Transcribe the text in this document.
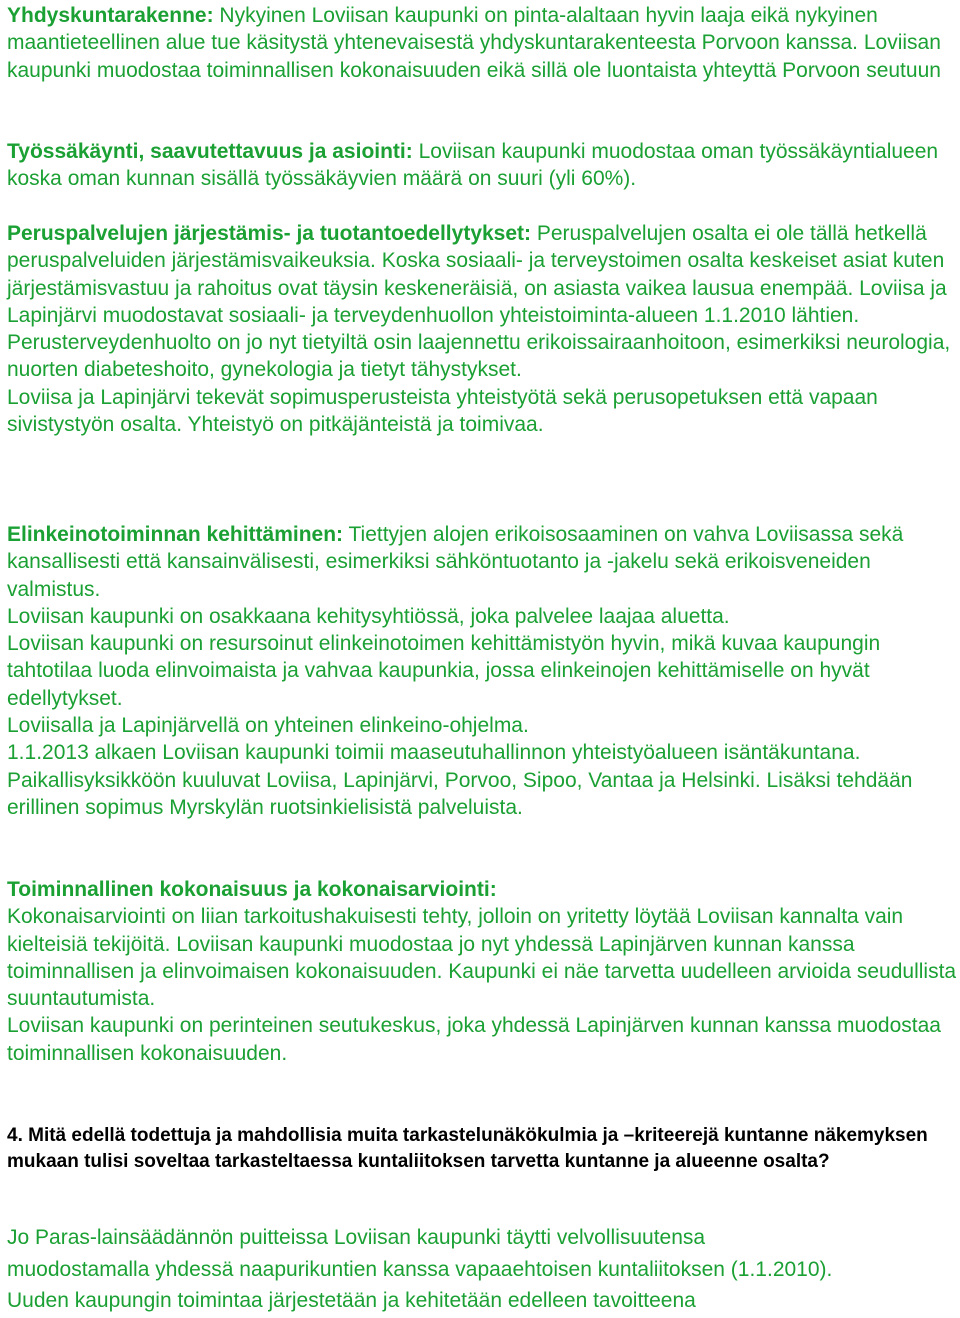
Yhdyskuntarakenne: Nykyinen Loviisan kaupunki on pinta-alaltaan hyvin laaja eikä nykyinen maantieteellinen alue tue käsitystä yhtenevaisestä yhdyskuntarakenteesta Porvoon kanssa. Loviisan kaupunki muodostaa toiminnallisen kokonaisuuden eikä sillä ole luontaista yhteyttä Porvoon seutuun

Työssäkäynti, saavutettavuus ja asiointi: Loviisan kaupunki muodostaa oman työssäkäyntialueen koska oman kunnan sisällä työssäkäyvien määrä on suuri (yli 60%).

Peruspalvelujen järjestämis- ja tuotantoedellytykset: Peruspalvelujen osalta ei ole tällä hetkellä peruspalveluiden järjestämisvaikeuksia. Koska sosiaali- ja terveystoimen osalta keskeiset asiat kuten järjestämisvastuu ja rahoitus ovat täysin keskeneräisiä, on asiasta vaikea lausua enempää. Loviisa ja Lapinjärvi muodostavat sosiaali- ja terveydenhuollon yhteistoiminta-alueen 1.1.2010 lähtien. Perusterveydenhuolto on jo nyt tietyiltä osin laajennettu erikoissairaanhoitoon, esimerkiksi neurologia, nuorten diabeteshoito, gynekologia ja tietyt tähystykset.
Loviisa ja Lapinjärvi tekevät sopimusperusteista yhteistyötä sekä perusopetuksen että vapaan sivistystyön osalta. Yhteistyö on pitkäjänteistä ja toimivaa.
Elinkeinotoiminnan kehittäminen: Tiettyjen alojen erikoisosaaminen on vahva Loviisassa sekä kansallisesti että kansainvälisesti, esimerkiksi sähköntuotanto ja -jakelu sekä erikoisveneiden valmistus.
Loviisan kaupunki on osakkaana kehitysyhtiössä, joka palvelee laajaa aluetta.
Loviisan kaupunki on resursoinut elinkeinotoimen kehittämistyön hyvin, mikä kuvaa kaupungin tahtotilaa luoda elinvoimaista ja vahvaa kaupunkia, jossa elinkeinojen kehittämiselle on hyvät edellytykset.
Loviisalla ja Lapinjärvellä on yhteinen elinkeino-ohjelma.
1.1.2013 alkaen Loviisan kaupunki toimii maaseutuhallinnon yhteistyöalueen isäntäkuntana. Paikallisyksikköön kuuluvat Loviisa, Lapinjärvi, Porvoo, Sipoo, Vantaa ja Helsinki. Lisäksi tehdään erillinen sopimus Myrskylän ruotsinkielisistä palveluista.
Toiminnallinen kokonaisuus ja kokonaisarviointi:
Kokonaisarviointi on liian tarkoitushakuisesti tehty, jolloin on yritetty löytää Loviisan kannalta vain kielteisiä tekijöitä. Loviisan kaupunki muodostaa jo nyt yhdessä Lapinjärven kunnan kanssa toiminnallisen ja elinvoimaisen kokonaisuuden. Kaupunki ei näe tarvetta uudelleen arvioida seudullista suuntautumista.
Loviisan kaupunki on perinteinen seutukeskus, joka yhdessä Lapinjärven kunnan kanssa muodostaa toiminnallisen kokonaisuuden.
4. Mitä edellä todettuja ja mahdollisia muita tarkastelunäkökulmia ja –kriteerejä kuntanne näkemyksen mukaan tulisi soveltaa tarkasteltaessa kuntaliitoksen tarvetta kuntanne ja alueenne osalta?
Jo Paras-lainsäädännön puitteissa Loviisan kaupunki täytti velvollisuutensa
muodostamalla yhdessä naapurikuntien kanssa vapaaehtoisen kuntaliitoksen (1.1.2010).
Uuden kaupungin toimintaa järjestetään ja kehitetään edelleen tavoitteena
